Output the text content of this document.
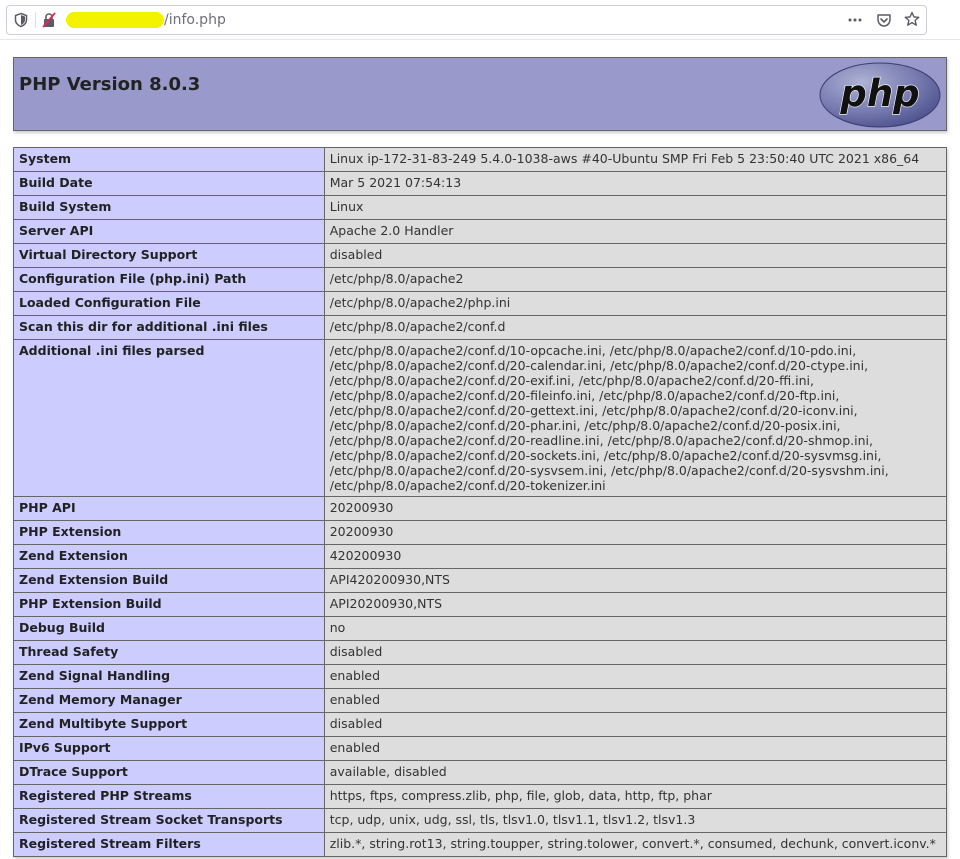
/info.php
PHP Version 8.0.3	php
System	Linux ip-172-31-83-249 5.4.0-1038-aws #40-Ubuntu SMP Fri Feb 5 23:50:40 UTC 2021 x86_64
Build Date	Mar 5 2021 07:54:13
Build System	Linux
Server API	Apache 2.0 Handler
Virtual Directory Support	disabled
Configuration File (php.ini) Path	/etc/php/8.0/apache2
Loaded Configuration File	/etc/php/8.0/apache2/php.ini
Scan this dir for additional .ini files	/etc/php/8.0/apache2/conf.d
Additional .ini files parsed	/etc/php/8.0/apache2/conf.d/10-opcache.ini, /etc/php/8.0/apache2/conf.d/10-pdo.ini, /etc/php/8.0/apache2/conf.d/20-calendar.ini, /etc/php/8.0/apache2/conf.d/20-ctype.ini, /etc/php/8.0/apache2/conf.d/20-exif.ini, /etc/php/8.0/apache2/conf.d/20-ffi.ini, /etc/php/8.0/apache2/conf.d/20-fileinfo.ini, /etc/php/8.0/apache2/conf.d/20-ftp.ini, /etc/php/8.0/apache2/conf.d/20-gettext.ini, /etc/php/8.0/apache2/conf.d/20-iconv.ini, /etc/php/8.0/apache2/conf.d/20-phar.ini, /etc/php/8.0/apache2/conf.d/20-posix.ini, /etc/php/8.0/apache2/conf.d/20-readline.ini, /etc/php/8.0/apache2/conf.d/20-shmop.ini, /etc/php/8.0/apache2/conf.d/20-sockets.ini, /etc/php/8.0/apache2/conf.d/20-sysvmsg.ini, /etc/php/8.0/apache2/conf.d/20-sysvsem.ini, /etc/php/8.0/apache2/conf.d/20-sysvshm.ini, /etc/php/8.0/apache2/conf.d/20-tokenizer.ini
PHP API	20200930
PHP Extension	20200930
Zend Extension	420200930
Zend Extension Build	API420200930,NTS
PHP Extension Build	API20200930,NTS
Debug Build	no
Thread Safety	disabled
Zend Signal Handling	enabled
Zend Memory Manager	enabled
Zend Multibyte Support	disabled
IPv6 Support	enabled
DTrace Support	available, disabled
Registered PHP Streams	https, ftps, compress.zlib, php, file, glob, data, http, ftp, phar
Registered Stream Socket Transports	tcp, udp, unix, udg, ssl, tls, tlsv1.0, tlsv1.1, tlsv1.2, tlsv1.3
Registered Stream Filters	zlib.*, string.rot13, string.toupper, string.tolower, convert.*, consumed, dechunk, convert.iconv.*
